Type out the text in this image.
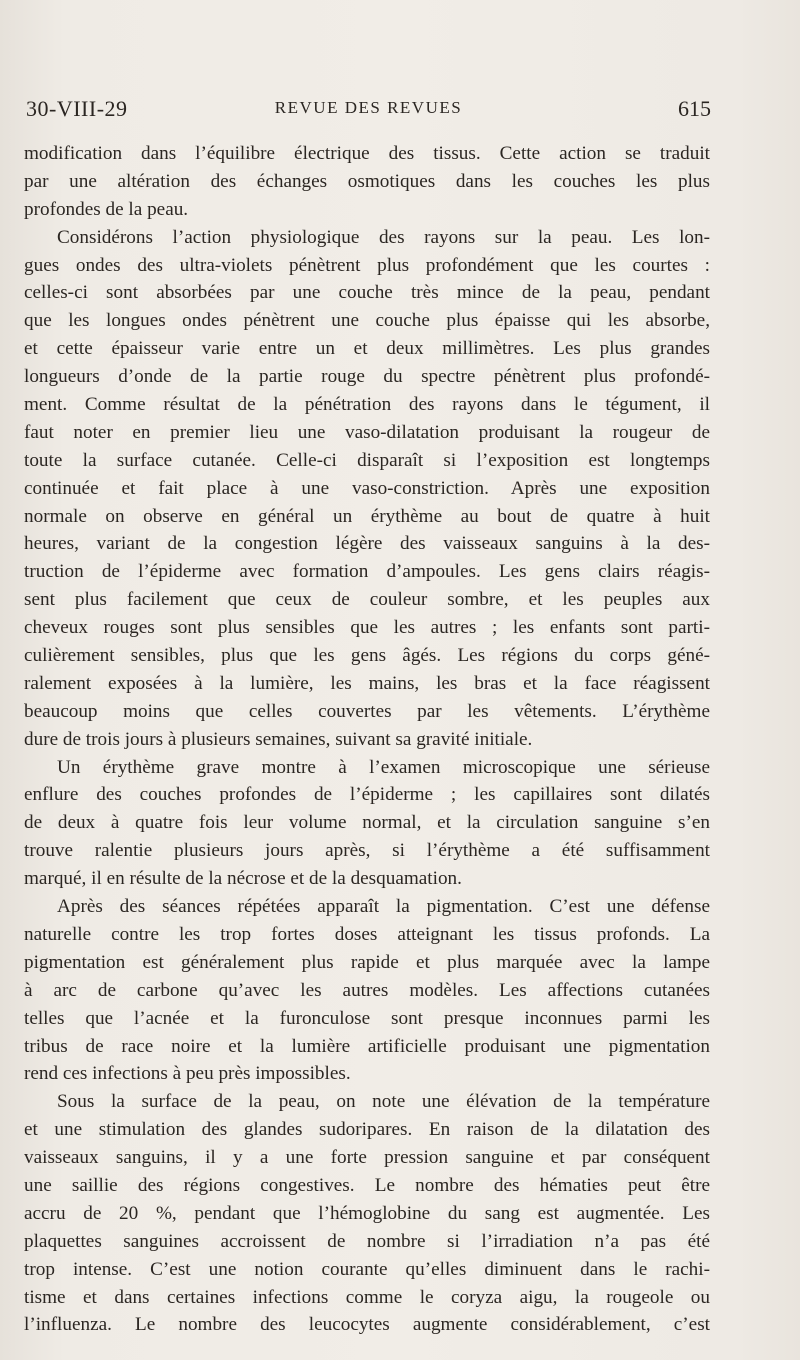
30-VIII-29	REVUE DES REVUES	615
modification dans l’équilibre électrique des tissus. Cette action se traduit
par une altération des échanges osmotiques dans les couches les plus
profondes de la peau.
Considérons l’action physiologique des rayons sur la peau. Les lon-
gues ondes des ultra-violets pénètrent plus profondément que les courtes :
celles-ci sont absorbées par une couche très mince de la peau, pendant
que les longues ondes pénètrent une couche plus épaisse qui les absorbe,
et cette épaisseur varie entre un et deux millimètres. Les plus grandes
longueurs d’onde de la partie rouge du spectre pénètrent plus profondé-
ment. Comme résultat de la pénétration des rayons dans le tégument, il
faut noter en premier lieu une vaso-dilatation produisant la rougeur de
toute la surface cutanée. Celle-ci disparaît si l’exposition est longtemps
continuée et fait place à une vaso-constriction. Après une exposition
normale on observe en général un érythème au bout de quatre à huit
heures, variant de la congestion légère des vaisseaux sanguins à la des-
truction de l’épiderme avec formation d’ampoules. Les gens clairs réagis-
sent plus facilement que ceux de couleur sombre, et les peuples aux
cheveux rouges sont plus sensibles que les autres ; les enfants sont parti-
culièrement sensibles, plus que les gens âgés. Les régions du corps géné-
ralement exposées à la lumière, les mains, les bras et la face réagissent
beaucoup moins que celles couvertes par les vêtements. L’érythème
dure de trois jours à plusieurs semaines, suivant sa gravité initiale.
Un érythème grave montre à l’examen microscopique une sérieuse
enflure des couches profondes de l’épiderme ; les capillaires sont dilatés
de deux à quatre fois leur volume normal, et la circulation sanguine s’en
trouve ralentie plusieurs jours après, si l’érythème a été suffisamment
marqué, il en résulte de la nécrose et de la desquamation.
Après des séances répétées apparaît la pigmentation. C’est une défense
naturelle contre les trop fortes doses atteignant les tissus profonds. La
pigmentation est généralement plus rapide et plus marquée avec la lampe
à arc de carbone qu’avec les autres modèles. Les affections cutanées
telles que l’acnée et la furonculose sont presque inconnues parmi les
tribus de race noire et la lumière artificielle produisant une pigmentation
rend ces infections à peu près impossibles.
Sous la surface de la peau, on note une élévation de la température
et une stimulation des glandes sudoripares. En raison de la dilatation des
vaisseaux sanguins, il y a une forte pression sanguine et par conséquent
une saillie des régions congestives. Le nombre des hématies peut être
accru de 20 %, pendant que l’hémoglobine du sang est augmentée. Les
plaquettes sanguines accroissent de nombre si l’irradiation n’a pas été
trop intense. C’est une notion courante qu’elles diminuent dans le rachi-
tisme et dans certaines infections comme le coryza aigu, la rougeole ou
l’influenza. Le nombre des leucocytes augmente considérablement, c’est
